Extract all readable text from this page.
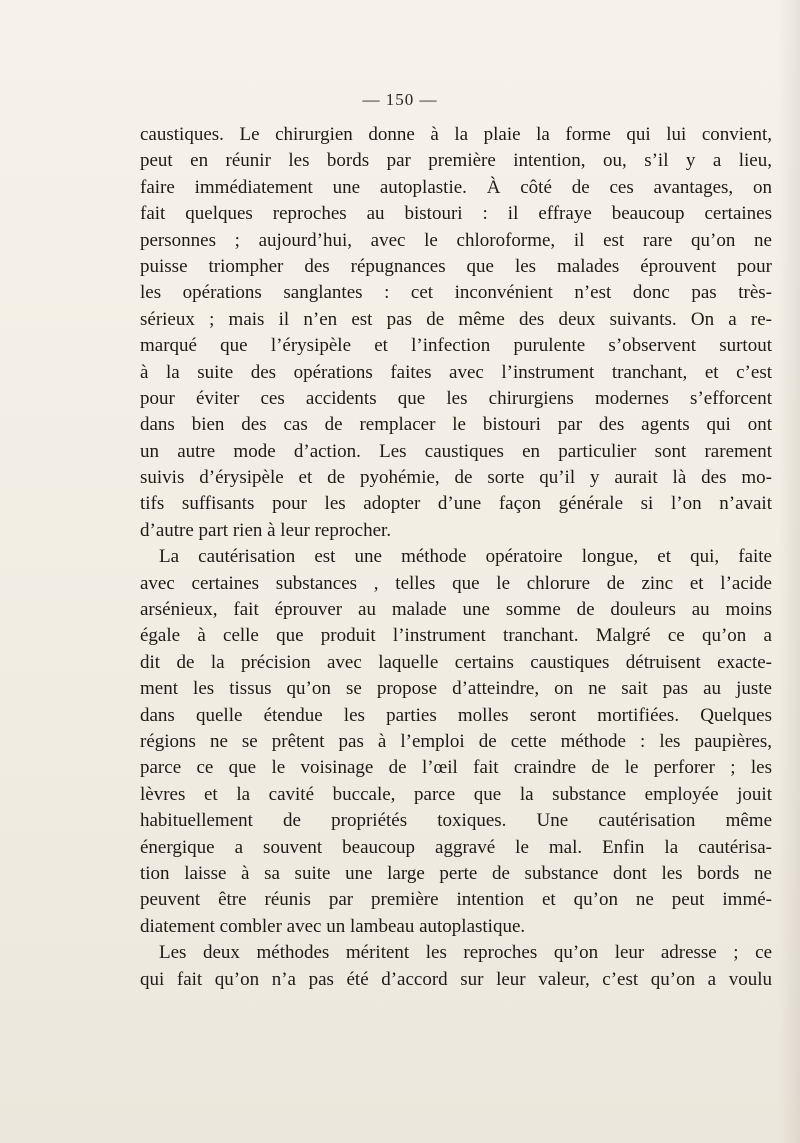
— 150 —
caustiques. Le chirurgien donne à la plaie la forme qui lui convient,
peut en réunir les bords par première intention, ou, s’il y a lieu,
faire immédiatement une autoplastie. À côté de ces avantages, on
fait quelques reproches au bistouri : il effraye beaucoup certaines
personnes ; aujourd’hui, avec le chloroforme, il est rare qu’on ne
puisse triompher des répugnances que les malades éprouvent pour
les opérations sanglantes : cet inconvénient n’est donc pas très-
sérieux ; mais il n’en est pas de même des deux suivants. On a re-
marqué que l’érysipèle et l’infection purulente s’observent surtout
à la suite des opérations faites avec l’instrument tranchant, et c’est
pour éviter ces accidents que les chirurgiens modernes s’efforcent
dans bien des cas de remplacer le bistouri par des agents qui ont
un autre mode d’action. Les caustiques en particulier sont rarement
suivis d’érysipèle et de pyohémie, de sorte qu’il y aurait là des mo-
tifs suffisants pour les adopter d’une façon générale si l’on n’avait
d’autre part rien à leur reprocher.
La cautérisation est une méthode opératoire longue, et qui, faite
avec certaines substances , telles que le chlorure de zinc et l’acide
arsénieux, fait éprouver au malade une somme de douleurs au moins
égale à celle que produit l’instrument tranchant. Malgré ce qu’on a
dit de la précision avec laquelle certains caustiques détruisent exacte-
ment les tissus qu’on se propose d’atteindre, on ne sait pas au juste
dans quelle étendue les parties molles seront mortifiées. Quelques
régions ne se prêtent pas à l’emploi de cette méthode : les paupières,
parce ce que le voisinage de l’œil fait craindre de le perforer ; les
lèvres et la cavité buccale, parce que la substance employée jouit
habituellement de propriétés toxiques. Une cautérisation même
énergique a souvent beaucoup aggravé le mal. Enfin la cautérisa-
tion laisse à sa suite une large perte de substance dont les bords ne
peuvent être réunis par première intention et qu’on ne peut immé-
diatement combler avec un lambeau autoplastique.
Les deux méthodes méritent les reproches qu’on leur adresse ; ce
qui fait qu’on n’a pas été d’accord sur leur valeur, c’est qu’on a voulu
